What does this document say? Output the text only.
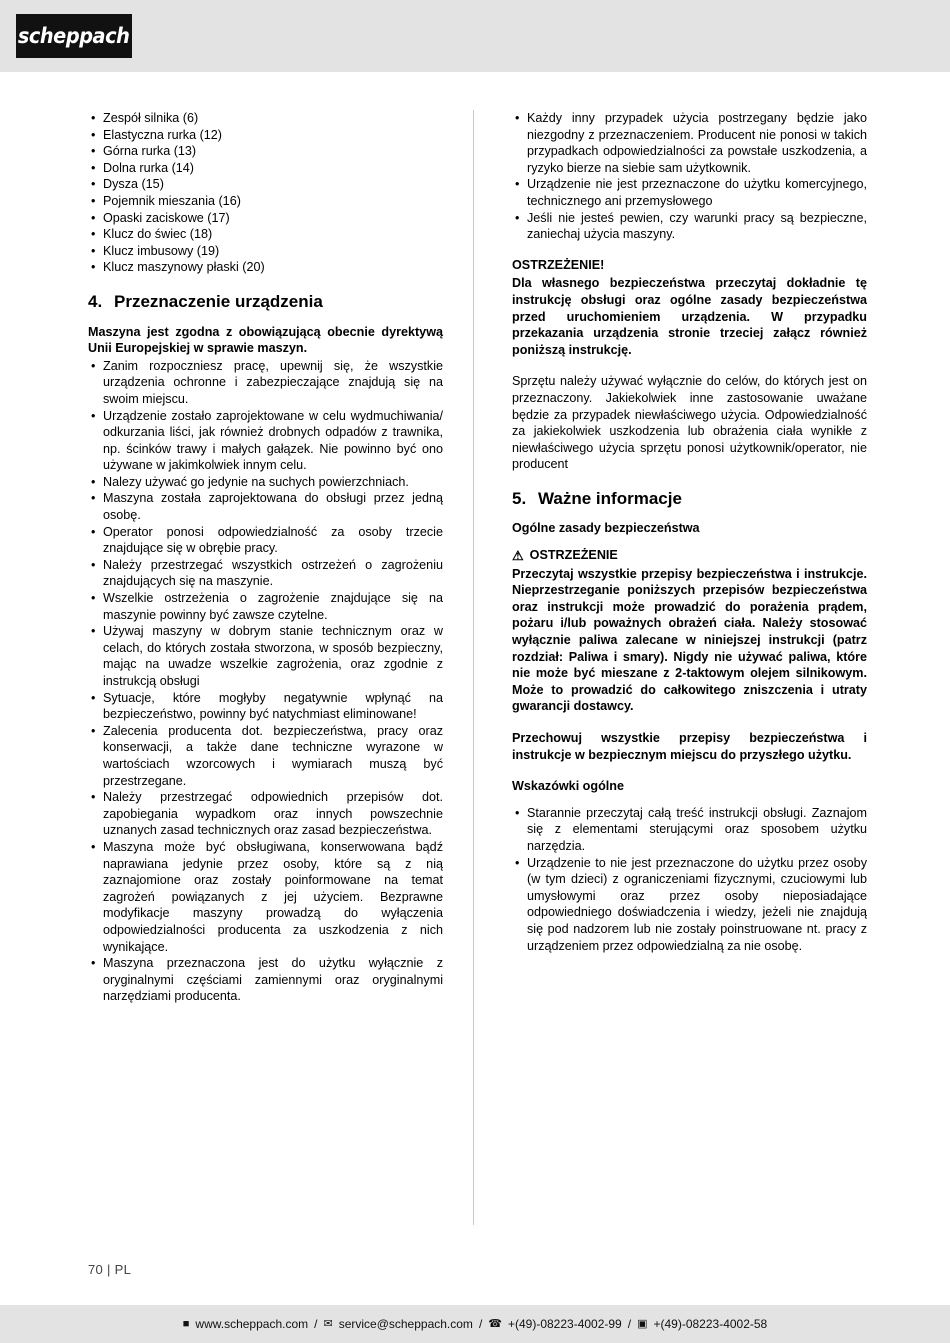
scheppach
• Zespół silnika (6)
• Elastyczna rurka (12)
• Górna rurka (13)
• Dolna rurka (14)
• Dysza (15)
• Pojemnik mieszania (16)
• Opaski zaciskowe (17)
• Klucz do świec (18)
• Klucz imbusowy (19)
• Klucz maszynowy płaski (20)
4. Przeznaczenie urządzenia
Maszyna jest zgodna z obowiązującą obecnie dyrektywą Unii Europejskiej w sprawie maszyn.
• Zanim rozpoczniesz pracę, upewnij się, że wszystkie urządzenia ochronne i zabezpieczające znajdują się na swoim miejscu.
• Urządzenie zostało zaprojektowane w celu wydmuchiwania/ odkurzania liści, jak również drobnych odpadów z trawnika, np. ścinków trawy i małych gałązek. Nie powinno być ono używane w jakimkolwiek innym celu.
• Nalezy używać go jedynie na suchych powierzchniach.
• Maszyna została zaprojektowana do obsługi przez jedną osobę.
• Operator ponosi odpowiedzialność za osoby trzecie znajdujące się w obrębie pracy.
• Należy przestrzegać wszystkich ostrzeżeń o zagrożeniu znajdujących się na maszynie.
• Wszelkie ostrzeżenia o zagrożenie znajdujące się na maszynie powinny być zawsze czytelne.
• Używaj maszyny w dobrym stanie technicznym oraz w celach, do których została stworzona, w sposób bezpieczny, mając na uwadze wszelkie zagrożenia, oraz zgodnie z instrukcją obsługi
• Sytuacje, które mogłyby negatywnie wpłynąć na bezpieczeństwo, powinny być natychmiast eliminowane!
• Zalecenia producenta dot. bezpieczeństwa, pracy oraz konserwacji, a także dane techniczne wyrazone w wartościach wzorcowych i wymiarach muszą być przestrzegane.
• Należy przestrzegać odpowiednich przepisów dot. zapobiegania wypadkom oraz innych powszechnie uznanych zasad technicznych oraz zasad bezpieczeństwa.
• Maszyna może być obsługiwana, konserwowana bądź naprawiana jedynie przez osoby, które są z nią zaznajomione oraz zostały poinformowane na temat zagrożeń powiązanych z jej użyciem. Bezprawne modyfikacje maszyny prowadzą do wyłączenia odpowiedzialności producenta za uszkodzenia z nich wynikające.
• Maszyna przeznaczona jest do użytku wyłącznie z oryginalnymi częściami zamiennymi oraz oryginalnymi narzędziami producenta.
• Każdy inny przypadek użycia postrzegany będzie jako niezgodny z przeznaczeniem. Producent nie ponosi w takich przypadkach odpowiedzialności za powstałe uszkodzenia, a ryzyko bierze na siebie sam użytkownik.
• Urządzenie nie jest przeznaczone do użytku komercyjnego, technicznego ani przemysłowego
• Jeśli nie jesteś pewien, czy warunki pracy są bezpieczne, zaniechaj użycia maszyny.
OSTRZEŻENIE!
Dla własnego bezpieczeństwa przeczytaj dokładnie tę instrukcję obsługi oraz ogólne zasady bezpieczeństwa przed uruchomieniem urządzenia. W przypadku przekazania urządzenia stronie trzeciej załącz również poniższą instrukcję.
Sprzętu należy używać wyłącznie do celów, do których jest on przeznaczony. Jakiekolwiek inne zastosowanie uważane będzie za przypadek niewłaściwego użycia. Odpowiedzialność za jakiekolwiek uszkodzenia lub obrażenia ciała wynikłe z niewłaściwego użycia sprzętu ponosi użytkownik/operator, nie producent
5. Ważne informacje
Ogólne zasady bezpieczeństwa
⚠ OSTRZEŻENIE
Przeczytaj wszystkie przepisy bezpieczeństwa i instrukcje. Nieprzestrzeganie poniższych przepisów bezpieczeństwa oraz instrukcji może prowadzić do porażenia prądem, pożaru i/lub poważnych obrażeń ciała. Należy stosować wyłącznie paliwa zalecane w niniejszej instrukcji (patrz rozdział: Paliwa i smary). Nigdy nie używać paliwa, które nie może być mieszane z 2-taktowym olejem silnikowym. Może to prowadzić do całkowitego zniszczenia i utraty gwarancji dostawcy.
Przechowuj wszystkie przepisy bezpieczeństwa i instrukcje w bezpiecznym miejscu do przyszłego użytku.
Wskazówki ogólne
• Starannie przeczytaj całą treść instrukcji obsługi. Zaznajom się z elementami sterującymi oraz sposobem użytku narzędzia.
• Urządzenie to nie jest przeznaczone do użytku przez osoby (w tym dzieci) z ograniczeniami fizycznymi, czuciowymi lub umysłowymi oraz przez osoby nieposiadające odpowiedniego doświadczenia i wiedzy, jeżeli nie znajdują się pod nadzorem lub nie zostały poinstruowane nt. pracy z urządzeniem przez odpowiedzialną za nie osobę.
70 | PL
■ www.scheppach.com / ✉ service@scheppach.com / ☎ +(49)-08223-4002-99 / ▣ +(49)-08223-4002-58
